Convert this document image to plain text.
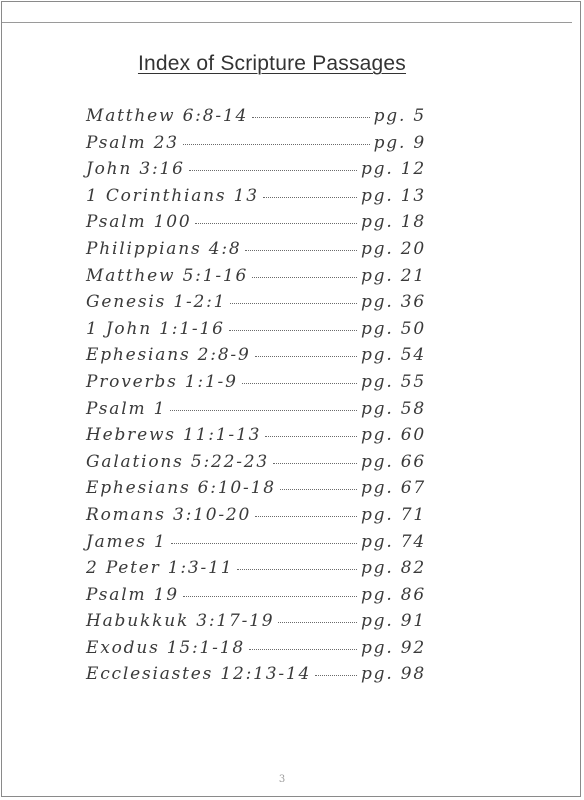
Index of Scripture Passages
Matthew 6:8-14	pg. 5
Psalm 23	pg. 9
John 3:16	pg. 12
1 Corinthians 13	pg. 13
Psalm 100	pg. 18
Philippians 4:8	pg. 20
Matthew 5:1-16	pg. 21
Genesis 1-2:1	pg. 36
1 John 1:1-16	pg. 50
Ephesians 2:8-9	pg. 54
Proverbs 1:1-9	pg. 55
Psalm 1	pg. 58
Hebrews 11:1-13	pg. 60
Galations 5:22-23	pg. 66
Ephesians 6:10-18	pg. 67
Romans 3:10-20	pg. 71
James 1	pg. 74
2 Peter 1:3-11	pg. 82
Psalm 19	pg. 86
Habukkuk 3:17-19	pg. 91
Exodus 15:1-18	pg. 92
Ecclesiastes 12:13-14	pg. 98
3
